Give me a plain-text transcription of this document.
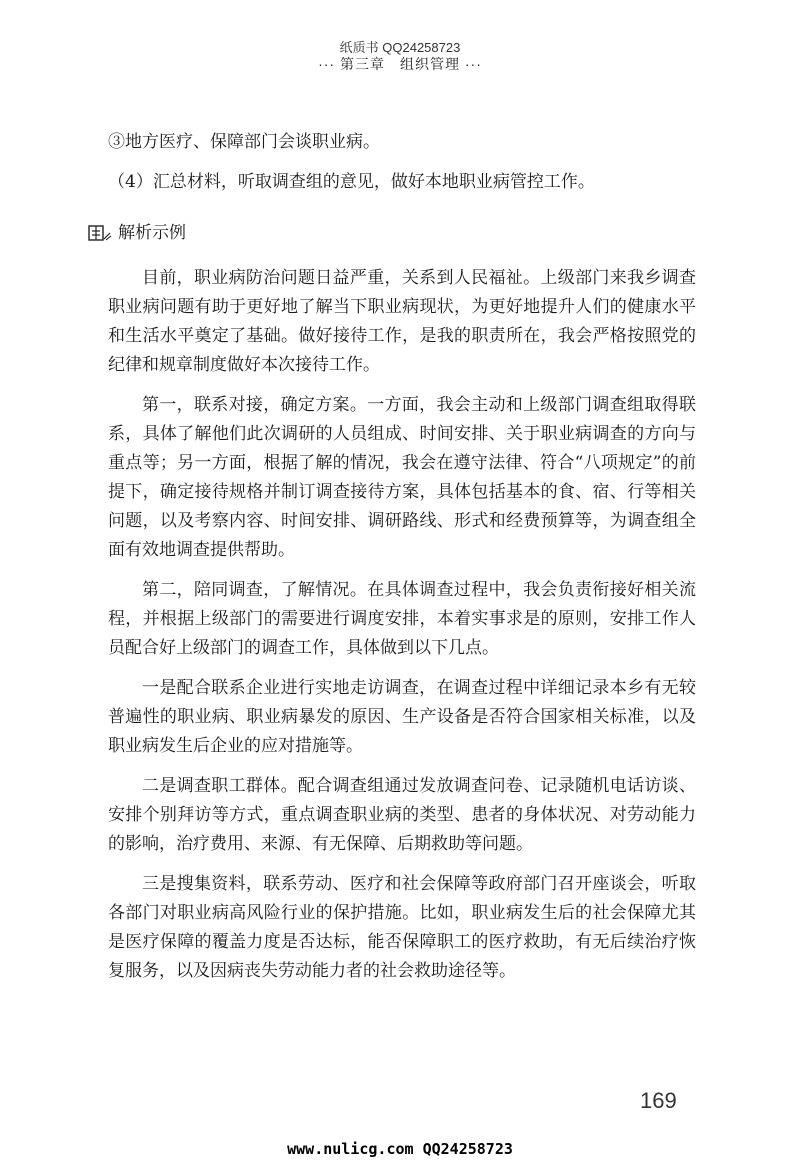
纸质书 QQ24258723
··· 第三章　组织管理 ···
③地方医疗、保障部门会谈职业病。
（4）汇总材料，听取调查组的意见，做好本地职业病管控工作。
解析示例
目前，职业病防治问题日益严重，关系到人民福祉。上级部门来我乡调查职业病问题有助于更好地了解当下职业病现状，为更好地提升人们的健康水平和生活水平奠定了基础。做好接待工作，是我的职责所在，我会严格按照党的纪律和规章制度做好本次接待工作。
第一，联系对接，确定方案。一方面，我会主动和上级部门调查组取得联系，具体了解他们此次调研的人员组成、时间安排、关于职业病调查的方向与重点等；另一方面，根据了解的情况，我会在遵守法律、符合“八项规定”的前提下，确定接待规格并制订调查接待方案，具体包括基本的食、宿、行等相关问题，以及考察内容、时间安排、调研路线、形式和经费预算等，为调查组全面有效地调查提供帮助。
第二，陪同调查，了解情况。在具体调查过程中，我会负责衔接好相关流程，并根据上级部门的需要进行调度安排，本着实事求是的原则，安排工作人员配合好上级部门的调查工作，具体做到以下几点。
一是配合联系企业进行实地走访调查，在调查过程中详细记录本乡有无较普遍性的职业病、职业病暴发的原因、生产设备是否符合国家相关标准，以及职业病发生后企业的应对措施等。
二是调查职工群体。配合调查组通过发放调查问卷、记录随机电话访谈、安排个别拜访等方式，重点调查职业病的类型、患者的身体状况、对劳动能力的影响，治疗费用、来源、有无保障、后期救助等问题。
三是搜集资料，联系劳动、医疗和社会保障等政府部门召开座谈会，听取各部门对职业病高风险行业的保护措施。比如，职业病发生后的社会保障尤其是医疗保障的覆盖力度是否达标，能否保障职工的医疗救助，有无后续治疗恢复服务，以及因病丧失劳动能力者的社会救助途径等。
169
www.nulicg.com QQ24258723
